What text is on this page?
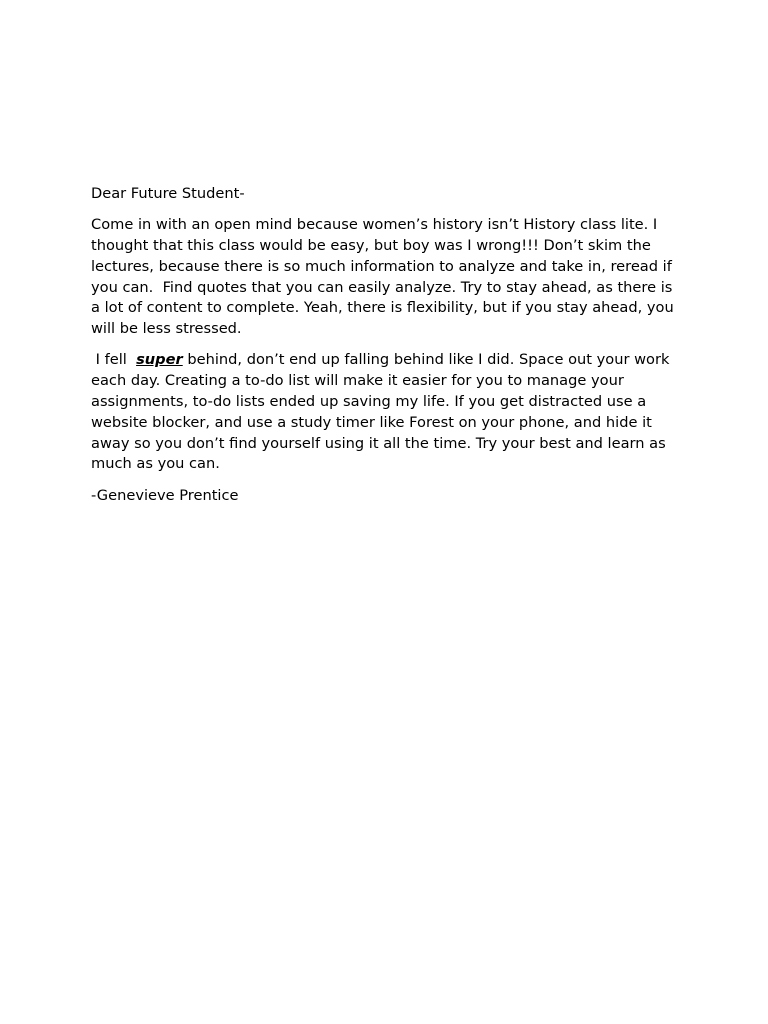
Dear Future Student-

Come in with an open mind because women’s history isn’t History class lite. I thought that this class would be easy, but boy was I wrong!!! Don’t skim the lectures, because there is so much information to analyze and take in, reread if you can.  Find quotes that you can easily analyze. Try to stay ahead, as there is a lot of content to complete. Yeah, there is flexibility, but if you stay ahead, you will be less stressed.

I fell  super behind, don’t end up falling behind like I did. Space out your work each day. Creating a to-do list will make it easier for you to manage your assignments, to-do lists ended up saving my life. If you get distracted use a website blocker, and use a study timer like Forest on your phone, and hide it away so you don’t find yourself using it all the time. Try your best and learn as much as you can.

-Genevieve Prentice
